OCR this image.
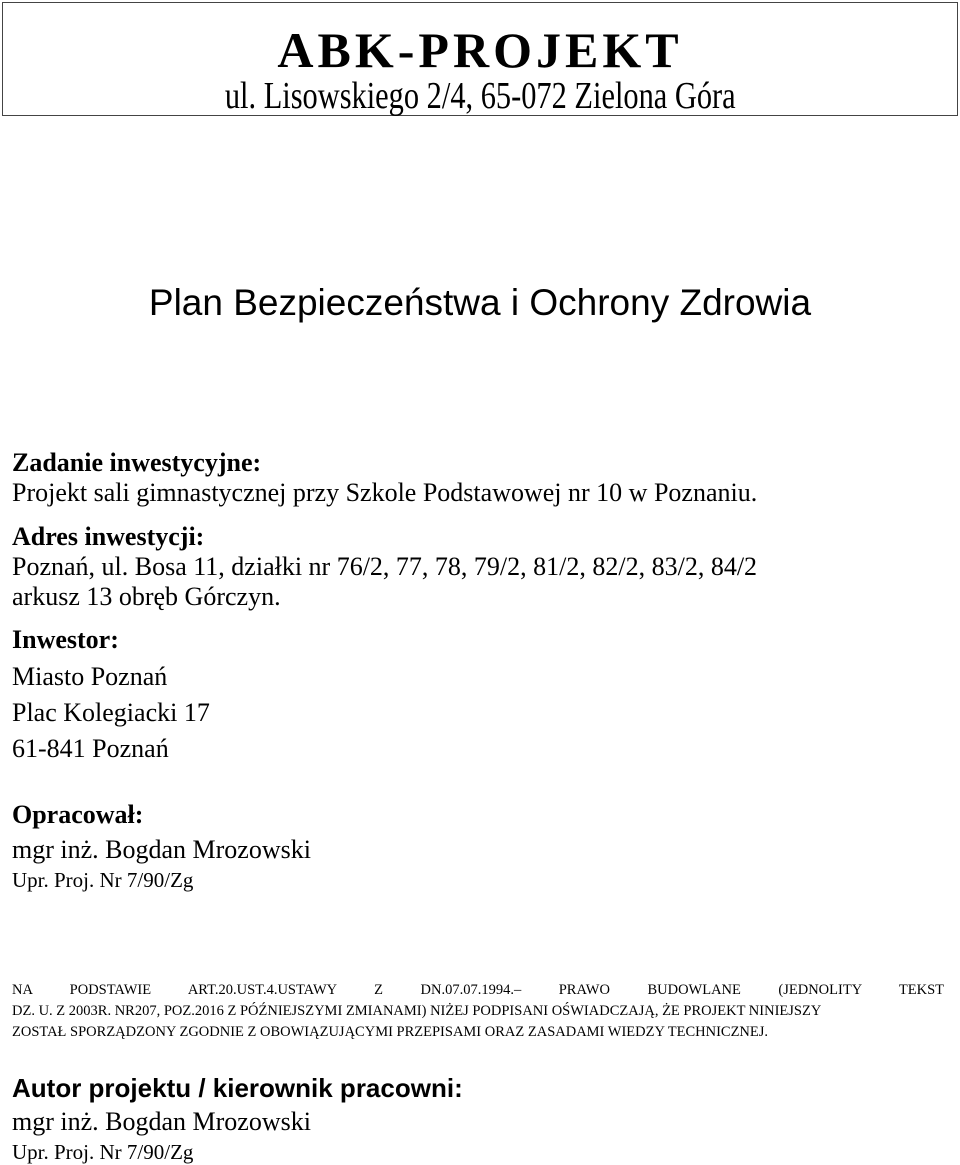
ABK-PROJEKT
ul. Lisowskiego 2/4, 65-072 Zielona Góra
Plan Bezpieczeństwa i Ochrony Zdrowia
Zadanie inwestycyjne:
Projekt sali gimnastycznej przy Szkole Podstawowej nr 10 w Poznaniu.
Adres inwestycji:
Poznań, ul. Bosa 11, działki nr 76/2, 77, 78, 79/2, 81/2, 82/2, 83/2, 84/2
arkusz 13 obręb Górczyn.
Inwestor:
Miasto Poznań
Plac Kolegiacki 17
61-841 Poznań
Opracował:
mgr inż. Bogdan Mrozowski
Upr. Proj. Nr 7/90/Zg
NA PODSTAWIE ART.20.UST.4.USTAWY Z DN.07.07.1994.– PRAWO BUDOWLANE (JEDNOLITY TEKST
DZ. U. Z 2003R. NR207, POZ.2016 Z PÓŹNIEJSZYMI ZMIANAMI) NIŻEJ PODPISANI OŚWIADCZAJĄ, ŻE PROJEKT NINIEJSZY
ZOSTAŁ SPORZĄDZONY ZGODNIE Z OBOWIĄZUJĄCYMI PRZEPISAMI ORAZ ZASADAMI WIEDZY TECHNICZNEJ.
Autor projektu / kierownik pracowni:
mgr inż. Bogdan Mrozowski
Upr. Proj. Nr 7/90/Zg
